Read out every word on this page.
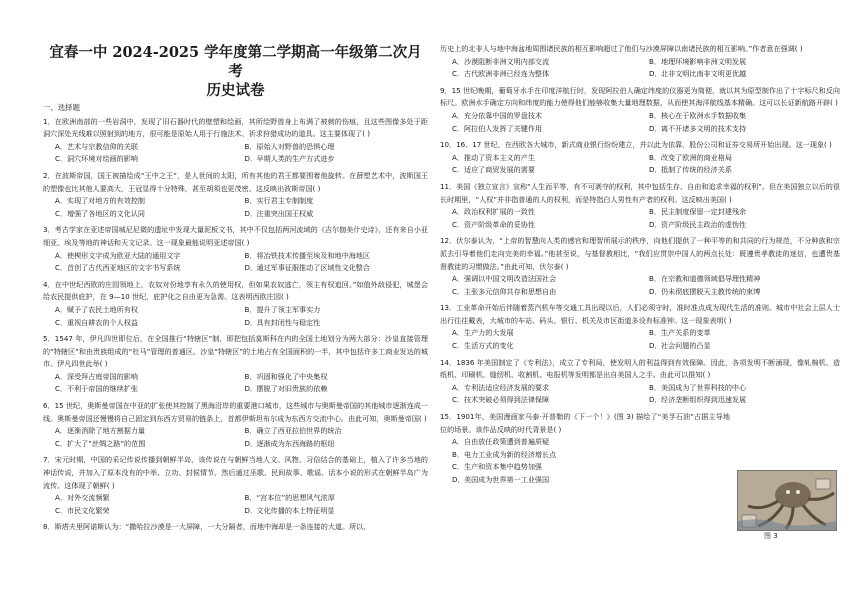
宜春一中 2024-2025 学年度第二学期高一年级第二次月考

历史试卷

一、选择题

1．在欧洲南部的一些岩洞中，发现了旧石器时代的壁塑和绘画，其所绘野兽身上布满了被刺的伤痕，且这些图像多处于距洞穴深处光线难以照射到的地方，很可能是原始人用于行施法术、祈求狩猎成功的道具。这主要体现了( )

A．艺术与宗教信仰的关联	B．原始人对野兽的恐惧心理
C．洞穴环境对绘画的影响	D．早期人类的生产方式进步

2．在波斯帝国，国王被描绘成“王中之王”，是人世间的太阳，所有其他的君王都要围着他旋转。在薛塑艺术中，波斯国王的塑像也比其他人要高大，王冠显得十分特殊，甚至胡须也更茂密。这反映出波斯帝国( )

A．实现了对地方的有效控制	B．实行君主专制制度
C．增强了各地区的文化认同	D．注重突出国王权威

3．考古学家在亚述帝国城尼尼微的遗址中发现大量泥板文书，其中不仅包括两河流域的《吉尔伽美什史诗》，还有来自小亚细亚、埃及等地的神话和天文记录。这一现象最能说明亚述帝国( )

A．使楔形文字成为欧亚大陆的通用文字	B．将冶铁技术传播至埃及和地中海地区
C．首创了古代西亚地区的文字书写系统	D．通过军事征服推动了区域性文化整合

4．在中世纪西欧的庄园领地上，农奴对份地享有永久的使用权，但如果农奴逃亡，领主有权追回。”如值外敌侵犯，城堡会给农民提供庇护，在 9—10 世纪，庇护化之自由更为急需。这表明西欧庄园( )

A．赋予了农民土地所有权	B．提升了领主军事实力
C．重视自耕农的个人权益	D．具有封闭性与稳定性

5．1547 年，伊凡四世即位后，在全国推行“特辖区”制，即把包括莫斯科在内的全国土地划分为两大部分：沙皇直接管理的“特辖区”和由贵族组成的“杜马”管理的普通区。沙皇“特辖区”的土地占有全国面积的一半，其中包括许多工商业发达的城市。伊凡四世此举( )

A．深受拜占庭帝国的影响	B．巩固和强化了中央集权
C．不利于帝国的继续扩张	D．摆脱了对旧贵族的依赖

6．15 世纪，奥斯曼帝国在中亚的扩张使其控制了黑海沿岸的重要港口城市，这些城市与奥斯曼帝国的其他城市逐渐连成一线。奥斯曼帝国还慢慢将自己固定到东西方贸易的链条上，首都伊斯坦布尔成为东西方交流中心。由此可知，奥斯曼帝国( )

A．逐渐消除了地方割据力量	B．确立了西亚拉伯世界的统治
C．扩大了”丝绸之路”的范围	D．逐渐成为东西海路的枢纽

7．宋元时期，中国的采记传说传播到朝鲜半岛，该传说在与朝鲜当地人文、风物、习俗结合的基础上，植入了许多当地的神话传说，并加入了原本没有的中举、立功、封侯情节，然后通过巫歌、民间故事、歌谣、话本小说的形式在朝鲜半岛广为流传。这体现了朝鲜( )

A．对外交流频繁	B．“宫本位”的思想风气浓厚
C．市民文化繁荣	D．文化传播的本土特征明显

8．斯塔夫里阿诺斯认为：“撒哈拉沙漠是一大屏障，一大分隔者，而地中海却是一条连接的大道。所以，

历史上的北非人与地中海盆地周围诸民族的相互影响超过了他们与沙漠屏障以南诸民族的相互影响。”作者意在强调( )

A．沙漠阻断非洲文明内部交流	B．地理环境影响非洲文明发展
C．古代欧洲非洲已经连为整体	D．北非文明比南非文明更优越

9．15 世纪晚期，葡萄牙水手在印度洋航行时，发现阿拉伯人确定纬度的仪器更为简便，就以其为原型制作出了十字标尺和反向标尺。欧洲水手确定方向和纬度的能力使得他们能够收集大量地理数据，从而使其海洋航线基本精确。这可以长证新航路开辟( )

A．充分依靠中国的罗盘技术	B．核心在于欧洲水手数据收集
C．阿拉伯人发挥了关键作用	D．离不开诸多文明的技术支持

10．16、17 世纪，在西欧各大城市，新式商业银行纷纷建立，并以此为依靠，股份公司和证券交易所开始出现。这一现象( )

A．推动了资本主义的产生	B．改变了欧洲的商业格局
C．适应了商贸发展的需要	D．抵制了传统的经济关系

11．美国《独立宣言》宣称“人生而平等，有不可剥夺的权利，其中包括生存、自由和追求幸福的权利”。但在美国独立以后的很长时期里，“人权”并非指普通的人的权利，而是特指白人男性有产者的权利。这反映出美国( )

A．政治权利扩展的一致性	B．民主制度保留一定封建残余
C．资产阶级革命的妥协性	D．资产阶级民主政治的虚伪性

12．伏尔泰认为，“上帝的智慧向人类的感官和理智所展示的秩序，向他们提供了一种平等的和共同的行为规范，不分种族和宗派去引导着他们走向完美的幸福。”他甚至说，与基督教相比，“我们应贯崇中国人的两点长处：既遵贵孝教徒的迷信，也遭贵基督教徒的习惯做法。”由此可知，伏尔泰( )

A．强调以中国文明改造法国社会	B．在宗教和道德领域倡导理性精神
C．主张多元信仰共存和思想自由	D．仍未彻底摆脱天主教传统的束缚

13．工业革命开始后伴随着蒸汽机车等交通工具出现以后，人们必须守时，准时准点成为现代生活的准则。城市中社会上层人士出行往往戴表，大城市的车站、码头、银行、机关及市区街道多设有标准钟。这一现象表明( )

A．生产力的大发展	B．生产关系的变革
C．生活方式的变化	D．社会问题的凸显

14．1836 年美国制定了《专利法》，成立了专利局，使发明人的利益得到有效保障。因此，各项发明不断涌现，像轧棉机、造纸机、印刷机、缝纫机、收割机、电报机等发明都是出自美国人之手。由此可以推知( )

A．专利法适应经济发展的要求	B．美国成为了世界科技的中心
C．技术突破必须得到法律保障	D．经济垄断组织得到迅速发展

15．1901年，美国漫画家马泰·开普勒的《下一个！》(图 3) 描绘了“美孚石油”占据主导地位的场景。该作品反映的时代背景是( )

A．自由放任政策遭到普遍质疑
B．电力工业成为新的经济增长点
C．生产和资本集中趋势加强
D．美国成为世界第一工业强国
图 3
